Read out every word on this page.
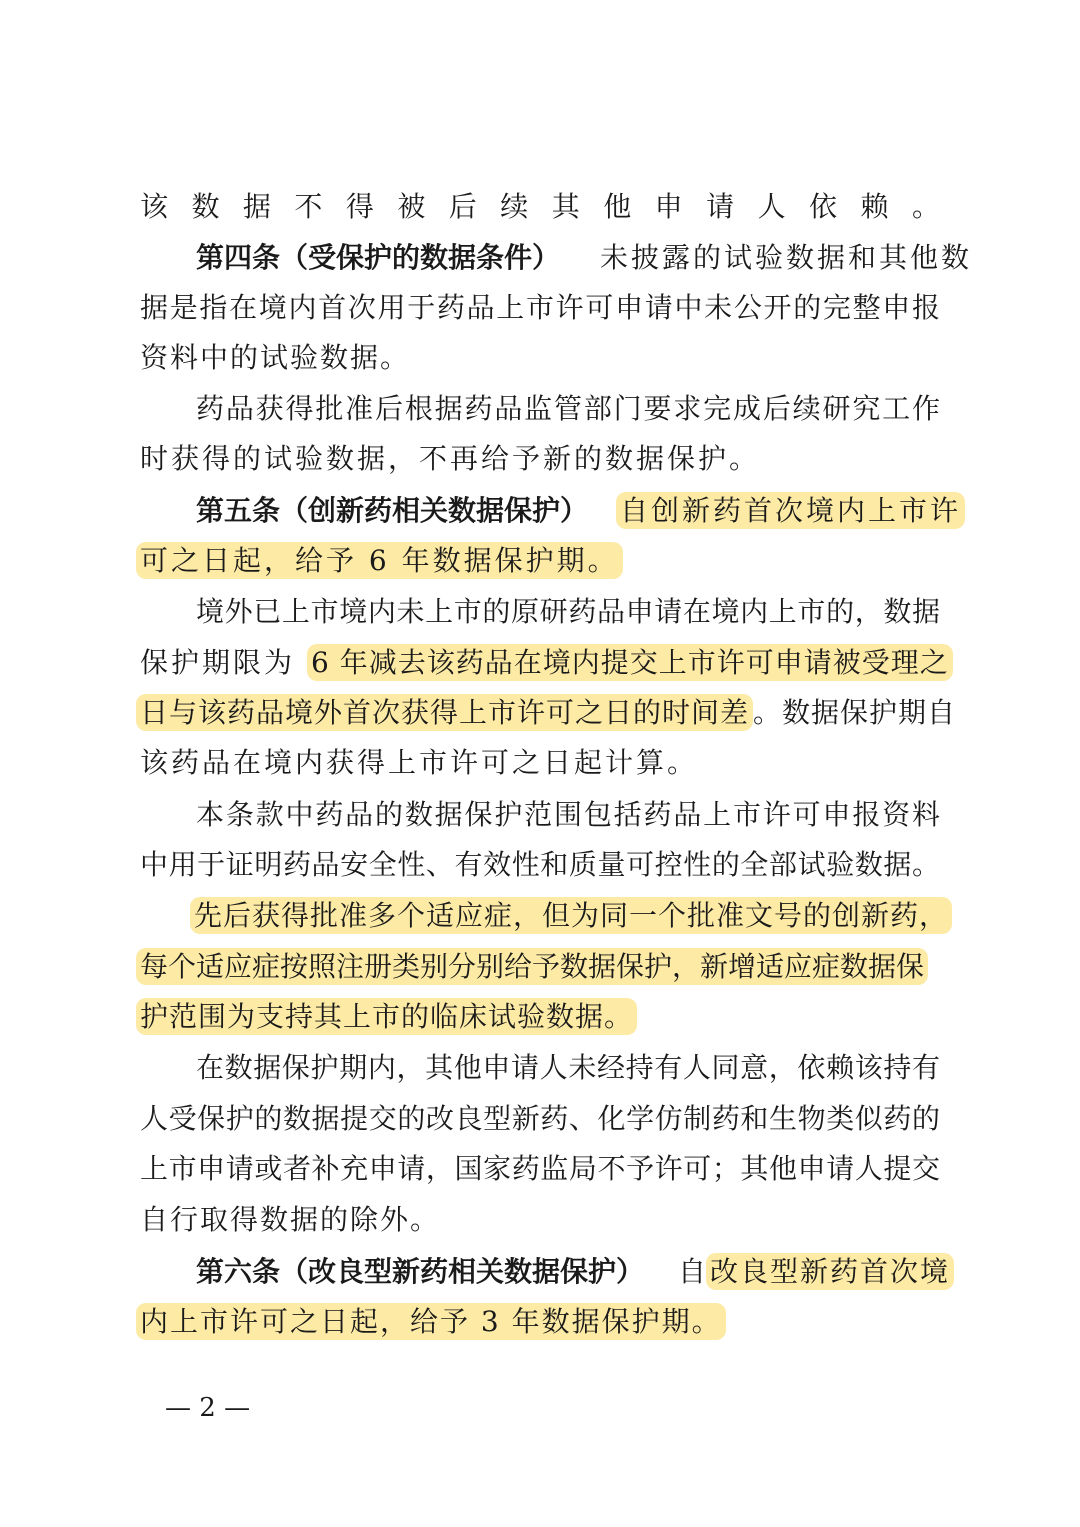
该数据不得被后续其他申请人依赖。
第四条（受保护的数据条件） 未披露的试验数据和其他数
据是指在境内首次用于药品上市许可申请中未公开的完整申报
资料中的试验数据。
药品获得批准后根据药品监管部门要求完成后续研究工作
时获得的试验数据，不再给予新的数据保护。
第五条（创新药相关数据保护） 自创新药首次境内上市许
可之日起，给予 6 年数据保护期。
境外已上市境内未上市的原研药品申请在境内上市的，数据
保护期限为 6 年减去该药品在境内提交上市许可申请被受理之
日与该药品境外首次获得上市许可之日的时间差 。数据保护期自
该药品在境内获得上市许可之日起计算。
本条款中药品的数据保护范围包括药品上市许可申报资料
中用于证明药品安全性、有效性和质量可控性的全部试验数据。
先后获得批准多个适应症，但为同一个批准文号的创新药，
每个适应症按照注册类别分别给予数据保护，新增适应症数据保
护范围为支持其上市的临床试验数据。
在数据保护期内，其他申请人未经持有人同意，依赖该持有
人受保护的数据提交的改良型新药、化学仿制药和生物类似药的
上市申请或者补充申请，国家药监局不予许可；其他申请人提交
自行取得数据的除外。
第六条（改良型新药相关数据保护） 自 改良型新药首次境
内上市许可之日起，给予 3 年数据保护期。
— 2 —
